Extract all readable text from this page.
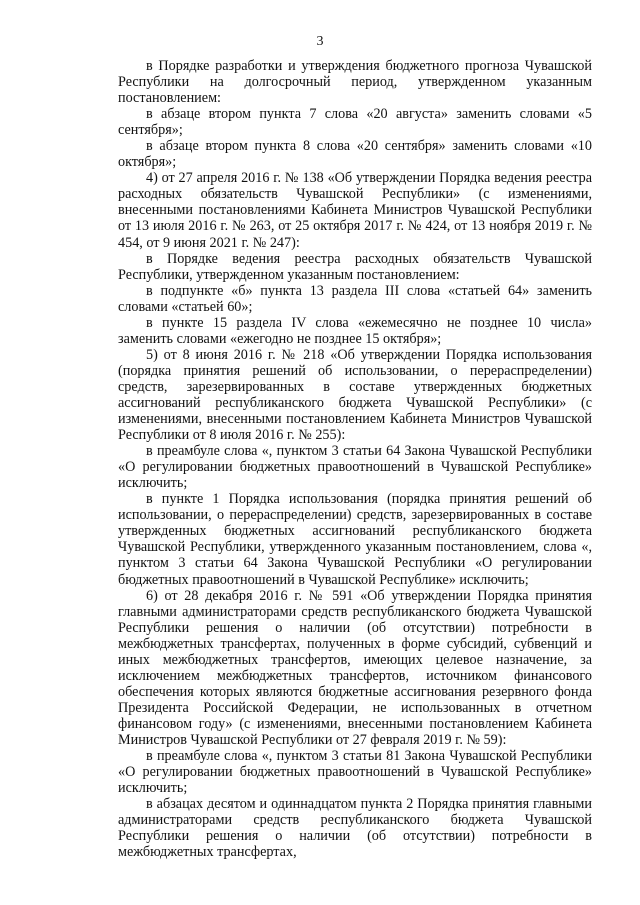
3

в Порядке разработки и утверждения бюджетного прогноза Чувашской Республики на долгосрочный период, утвержденном указанным постановлением:

в абзаце втором пункта 7 слова «20 августа» заменить словами «5 сентября»;

в абзаце втором пункта 8 слова «20 сентября» заменить словами «10 октября»;

4) от 27 апреля 2016 г. № 138 «Об утверждении Порядка ведения реестра расходных обязательств Чувашской Республики» (с изменениями, внесенными постановлениями Кабинета Министров Чувашской Республики от 13 июля 2016 г. № 263, от 25 октября 2017 г. № 424, от 13 ноября 2019 г. № 454, от 9 июня 2021 г. № 247):

в Порядке ведения реестра расходных обязательств Чувашской Республики, утвержденном указанным постановлением:

в подпункте «б» пункта 13 раздела III слова «статьей 64» заменить словами «статьей 60»;

в пункте 15 раздела IV слова «ежемесячно не позднее 10 числа» заменить словами «ежегодно не позднее 15 октября»;

5) от 8 июня 2016 г. № 218 «Об утверждении Порядка использования (порядка принятия решений об использовании, о перераспределении) средств, зарезервированных в составе утвержденных бюджетных ассигнований республиканского бюджета Чувашской Республики» (с изменениями, внесенными постановлением Кабинета Министров Чувашской Республики от 8 июля 2016 г. № 255):

в преамбуле слова «, пунктом 3 статьи 64 Закона Чувашской Республики «О регулировании бюджетных правоотношений в Чувашской Республике» исключить;

в пункте 1 Порядка использования (порядка принятия решений об использовании, о перераспределении) средств, зарезервированных в составе утвержденных бюджетных ассигнований республиканского бюджета Чувашской Республики, утвержденного указанным постановлением, слова «, пунктом 3 статьи 64 Закона Чувашской Республики «О регулировании бюджетных правоотношений в Чувашской Республике» исключить;

6) от 28 декабря 2016 г. № 591 «Об утверждении Порядка принятия главными администраторами средств республиканского бюджета Чувашской Республики решения о наличии (об отсутствии) потребности в межбюджетных трансфертах, полученных в форме субсидий, субвенций и иных межбюджетных трансфертов, имеющих целевое назначение, за исключением межбюджетных трансфертов, источником финансового обеспечения которых являются бюджетные ассигнования резервного фонда Президента Российской Федерации, не использованных в отчетном финансовом году» (с изменениями, внесенными постановлением Кабинета Министров Чувашской Республики от 27 февраля 2019 г. № 59):

в преамбуле слова «, пунктом 3 статьи 81 Закона Чувашской Республики «О регулировании бюджетных правоотношений в Чувашской Республике» исключить;

в абзацах десятом и одиннадцатом пункта 2 Порядка принятия главными администраторами средств республиканского бюджета Чувашской Республики решения о наличии (об отсутствии) потребности в межбюджетных трансфертах,
